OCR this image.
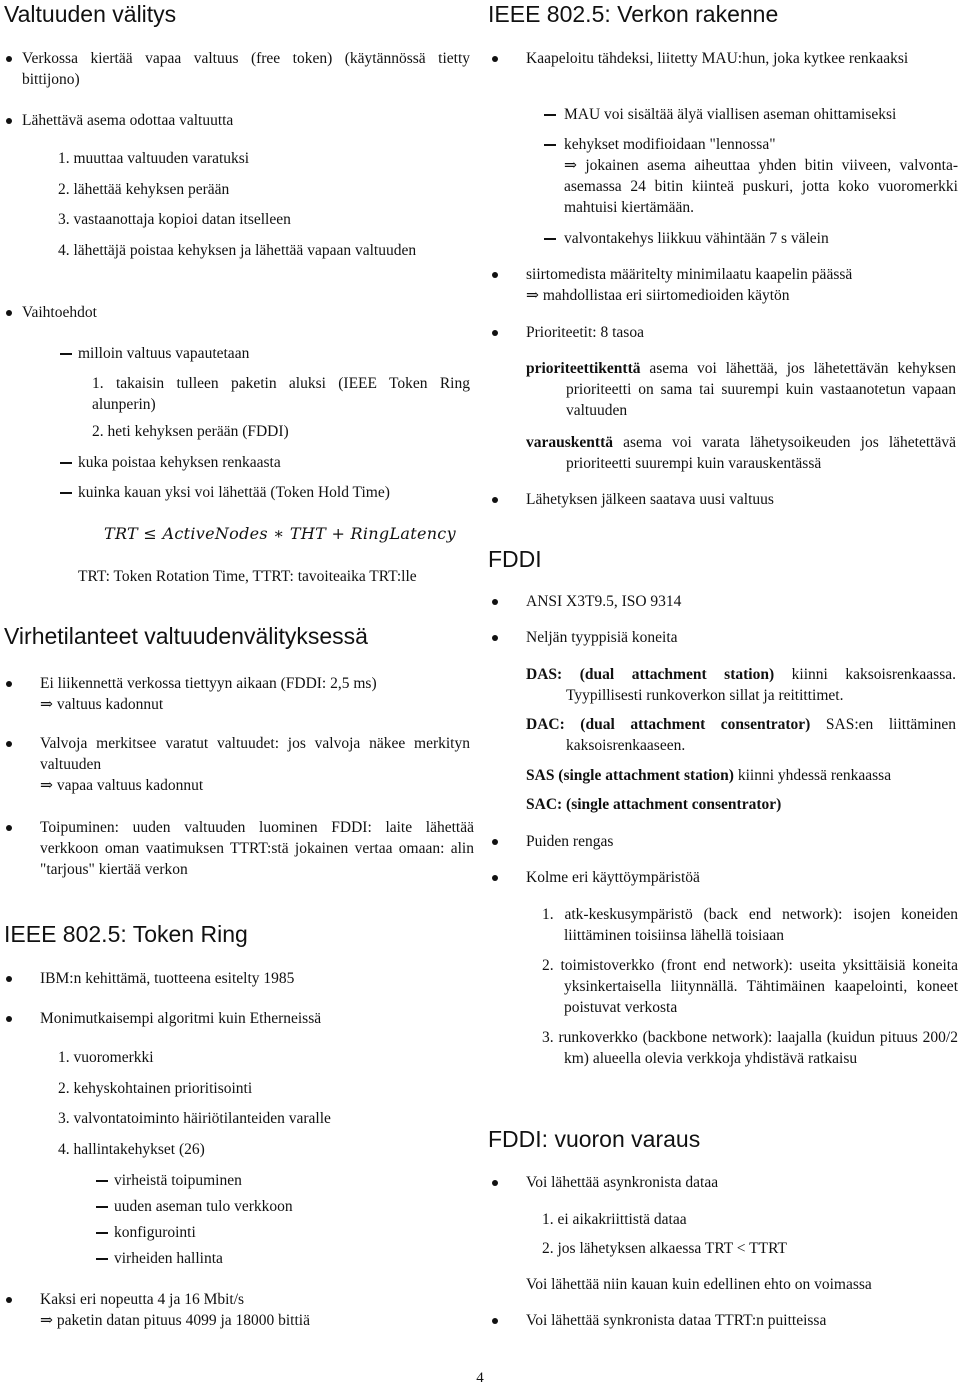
Valtuuden välitys
Verkossa kiertää vapaa valtuus (free token) (käytännössä tietty bittijono)
Lähettävä asema odottaa valtuutta
1. muuttaa valtuuden varatuksi
2. lähettää kehyksen perään
3. vastaanottaja kopioi datan itselleen
4. lähettäjä poistaa kehyksen ja lähettää vapaan valtuuden
Vaihtoehdot
milloin valtuus vapautetaan
1. takaisin tulleen paketin aluksi (IEEE Token Ring alunperin)
2. heti kehyksen perään (FDDI)
kuka poistaa kehyksen renkaasta
kuinka kauan yksi voi lähettää (Token Hold Time)
TRT ≤ ActiveNodes ∗ THT + RingLatency
TRT: Token Rotation Time, TTRT: tavoiteaika TRT:lle
Virhetilanteet valtuudenvälityksessä
Ei liikennettä verkossa tiettyyn aikaan (FDDI: 2,5 ms)
⇒ valtuus kadonnut
Valvoja merkitsee varatut valtuudet: jos valvoja näkee merkityn valtuuden
⇒ vapaa valtuus kadonnut
Toipuminen: uuden valtuuden luominen FDDI: laite lähettää verkkoon oman vaatimuksen TTRT:stä jokainen vertaa omaan: alin "tarjous" kiertää verkon
IEEE 802.5: Token Ring
IBM:n kehittämä, tuotteena esitelty 1985
Monimutkaisempi algoritmi kuin Etherneissä
1. vuoromerkki
2. kehyskohtainen prioritisointi
3. valvontatoiminto häiriötilanteiden varalle
4. hallintakehykset (26)
virheistä toipuminen
uuden aseman tulo verkkoon
konfigurointi
virheiden hallinta
Kaksi eri nopeutta 4 ja 16 Mbit/s
⇒ paketin datan pituus 4099 ja 18000 bittiä
IEEE 802.5: Verkon rakenne
Kaapeloitu tähdeksi, liitetty MAU:hun, joka kytkee renkaaksi
MAU voi sisältää älyä viallisen aseman ohittamiseksi
kehykset modifioidaan "lennossa"
⇒ jokainen asema aiheuttaa yhden bitin viiveen, valvonta-asemassa 24 bitin kiinteä puskuri, jotta koko vuoromerkki mahtuisi kiertämään.
valvontakehys liikkuu vähintään 7 s välein
siirtomedista määritelty minimilaatu kaapelin päässä
⇒ mahdollistaa eri siirtomedioiden käytön
Prioriteetit: 8 tasoa
prioriteettikenttä asema voi lähettää, jos lähetettävän kehyksen prioriteetti on sama tai suurempi kuin vastaanotetun vapaan valtuuden
varauskenttä asema voi varata lähetysoikeuden jos lähetettävä prioriteetti suurempi kuin varauskentässä
Lähetyksen jälkeen saatava uusi valtuus
FDDI
ANSI X3T9.5, ISO 9314
Neljän tyyppisiä koneita
DAS: (dual attachment station) kiinni kaksoisrenkaassa. Tyypillisesti runkoverkon sillat ja reitittimet.
DAC: (dual attachment consentrator) SAS:en liittäminen kaksoisrenkaaseen.
SAS (single attachment station) kiinni yhdessä renkaassa
SAC: (single attachment consentrator)
Puiden rengas
Kolme eri käyttöympäristöä
1. atk-keskusympäristö (back end network): isojen koneiden liittäminen toisiinsa lähellä toisiaan
2. toimistoverkko (front end network): useita yksittäisiä koneita yksinkertaisella liitynnällä. Tähtimäinen kaapelointi, koneet poistuvat verkosta
3. runkoverkko (backbone network): laajalla (kuidun pituus 200/2 km) alueella olevia verkkoja yhdistävä ratkaisu
FDDI: vuoron varaus
Voi lähettää asynkronista dataa
1. ei aikakriittistä dataa
2. jos lähetyksen alkaessa TRT < TTRT
Voi lähettää niin kauan kuin edellinen ehto on voimassa
Voi lähettää synkronista dataa TTRT:n puitteissa
4
